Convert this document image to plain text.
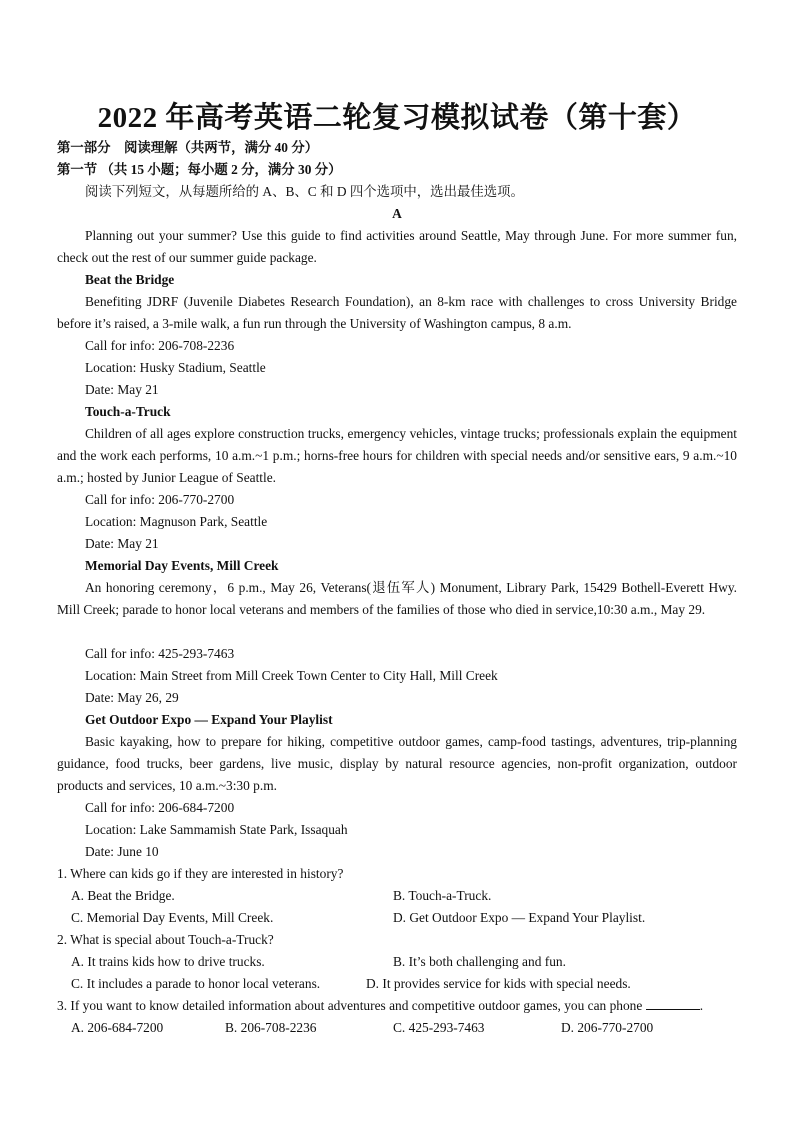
2022 年高考英语二轮复习模拟试卷（第十套）
第一部分　阅读理解（共两节，满分 40 分）
第一节 （共 15 小题；每小题 2 分，满分 30 分）
阅读下列短文，从每题所给的 A、B、C 和 D 四个选项中，选出最佳选项。
A
Planning out your summer? Use this guide to find activities around Seattle, May through June. For more summer fun, check out the rest of our summer guide package.
Beat the Bridge
Benefiting JDRF (Juvenile Diabetes Research Foundation), an 8-km race with challenges to cross University Bridge before it’s raised, a 3-mile walk, a fun run through the University of Washington campus, 8 a.m.
Call for info: 206-708-2236
Location: Husky Stadium, Seattle
Date: May 21
Touch-a-Truck
Children of all ages explore construction trucks, emergency vehicles, vintage trucks; professionals explain the equipment and the work each performs, 10 a.m.~1 p.m.; horns-free hours for children with special needs and/or sensitive ears, 9 a.m.~10 a.m.; hosted by Junior League of Seattle.
Call for info: 206-770-2700
Location: Magnuson Park, Seattle
Date: May 21
Memorial Day Events, Mill Creek
An honoring ceremony，6 p.m., May 26, Veterans(退伍军人) Monument, Library Park, 15429 Bothell-Everett Hwy. Mill Creek; parade to honor local veterans and members of the families of those who died in service,10:30 a.m., May 29.
Call for info: 425-293-7463
Location: Main Street from Mill Creek Town Center to City Hall, Mill Creek
Date: May 26, 29
Get Outdoor Expo — Expand Your Playlist
Basic kayaking, how to prepare for hiking, competitive outdoor games, camp-food tastings, adventures, trip-planning guidance, food trucks, beer gardens, live music, display by natural resource agencies, non-profit organization, outdoor products and services, 10 a.m.~3:30 p.m.
Call for info: 206-684-7200
Location: Lake Sammamish State Park, Issaquah
Date: June 10
1. Where can kids go if they are interested in history?
A. Beat the Bridge.	B. Touch-a-Truck.
C. Memorial Day Events, Mill Creek.	D. Get Outdoor Expo — Expand Your Playlist.
2. What is special about Touch-a-Truck?
A. It trains kids how to drive trucks.	B. It’s both challenging and fun.
C. It includes a parade to honor local veterans.	D. It provides service for kids with special needs.
3. If you want to know detailed information about adventures and competitive outdoor games, you can phone	.
A. 206-684-7200	B. 206-708-2236	C. 425-293-7463	D. 206-770-2700
